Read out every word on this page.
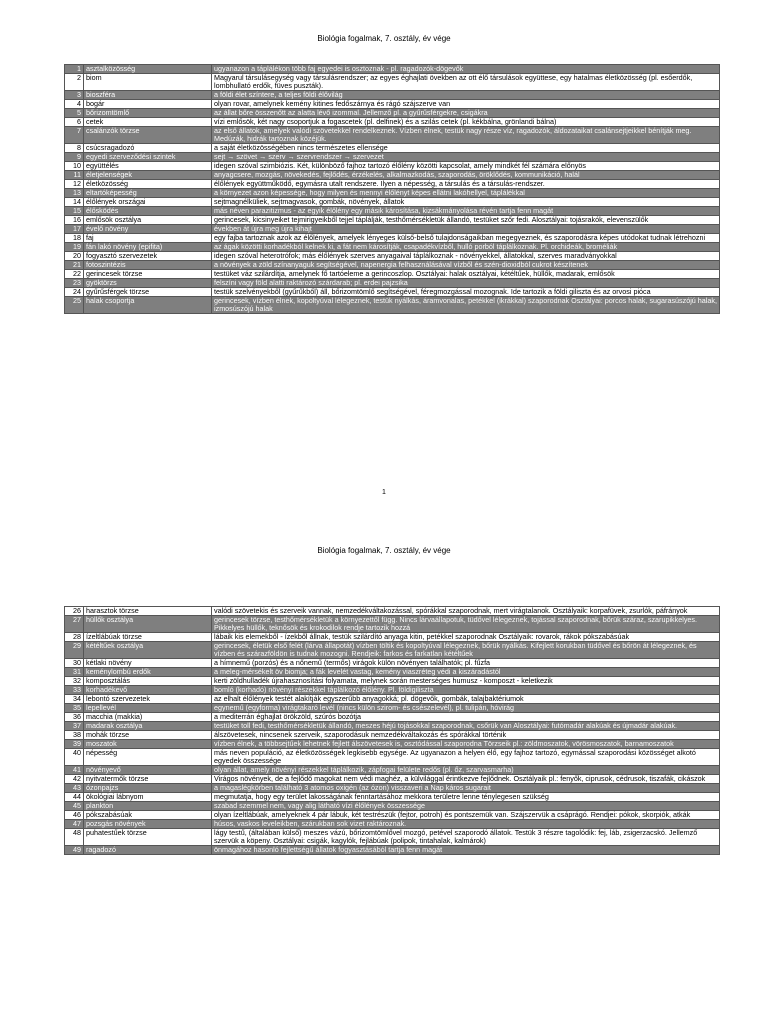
Biológia fogalmak, 7. osztály, év vége
1	asztalközösség	ugyanazon a táplálékon több faj egyedei is osztoznak - pl. ragadozók-dögevők
2	biom	Magyarul társulásegység vagy társulásrendszer; az egyes éghajlati övekben az ott élő társulások együttese, egy hatalmas életközösség (pl. esőerdők, lombhullató erdők, füves puszták).
3	bioszféra	a földi élet színtere, a teljes földi élővilág
4	bogár	olyan rovar, amelynek kemény kitines fedőszárnya és rágó szájszerve van
5	bőrizomtömlő	az állat bőre összenőtt az alatta lévő izommal. Jellemző pl. a gyűrűsférgekre, csigákra
6	cetek	vízi emlősök, két nagy csoportjuk a fogascetek (pl. delfinek) és a szilás cetek (pl. kékbálna, grönlandi bálna)
7	csalánzók törzse	az első állatok, amelyek valódi szövetekkel rendelkeznek. Vízben élnek, testük nagy része víz, ragadozók, áldozataikat csalánsejtjeikkel bénítják meg. Medúzák, hidrák tartoznak közéjük.
8	csúcsragadozó	a saját életközösségében nincs természetes ellensége
9	egyedi szerveződési szintek	sejt → szövet → szerv → szervrendszer → szervezet
10	együttélés	idegen szóval szimbiózis. Két, különböző fajhoz tartozó élőlény közötti kapcsolat, amely mindkét fél számára előnyös
11	életjelenségek	anyagcsere, mozgás, növekedés, fejlődés, érzékelés, alkalmazkodás, szaporodás, öröklődés, kommunikáció, halál
12	életközösség	élőlények együttműködő, egymásra utalt rendszere. Ilyen a népesség, a társulás és a társulás-rendszer.
13	eltartóképesség	a környezet azon képessége, hogy milyen és mennyi élőlényt képes ellátni lakóhellyel, táplálékkal
14	élőlények országai	sejtmagnélküliek, sejtmagvasok, gombák, növények, állatok
15	élősködés	más néven parazitizmus - az egyik élőlény egy másik károsítása, kizsákmányolása révén tartja fenn magát
16	emlősök osztálya	gerincesek, kicsinyeiket tejmirigyeikből tejjel táplálják, testhőmérsékletük állandó, testüket szőr fedi. Alosztályai: tojásrakók, elevenszülők
17	évelő növény	években át újra meg újra kihajt
18	faj	egy fajba tartoznak azok az élőlények, amelyek lényeges külső-belső tulajdonságaikban megegyeznek, és szaporodásra képes utódokat tudnak létrehozni
19	fán lakó növény (epifita)	az ágak közötti korhadékból kelnek ki, a fát nem károsítják, csapadékvízből, hulló porból táplálkoznak. Pl. orchideák, broméliák
20	fogyasztó szervezetek	idegen szóval heterotrófok; más élőlények szerves anyagaival táplálkoznak - növényekkel, állatokkal, szerves maradványokkal
21	fotoszintézis	a növények a zöld színanyaguk segítségével, napenergia felhasználásával vízből és szén-dioxidból cukrot készítenek
22	gerincesek törzse	testüket váz szilárdítja, amelynek fő tartóeleme a gerincoszlop. Osztályai: halak osztályai, kétéltűek, hüllők, madarak, emlősök
23	gyöktörzs	felszíni vagy föld alatti raktározó szárdarab; pl. erdei pajzsika
24	gyűrűsférgek törzse	testük szelvényekből (gyűrűkből) áll, bőrizomtömlő segítségével, féregmozgással mozognak. Ide tartozik a földi giliszta és az orvosi pióca
25	halak csoportja	gerincesek, vízben élnek, kopoltyúval lélegeznek, testük nyálkás, áramvonalas, petékkel (ikrákkal) szaporodnak Osztályai: porcos halak, sugarasúszójú halak, izmosúszójú halak
1
Biológia fogalmak, 7. osztály, év vége
26	harasztok törzse	valódi szövetekis és szerveik vannak, nemzedékváltakozással, spórákkal szaporodnak, mert virágtalanok. Osztályaik: korpafüvek, zsurlók, páfrányok
27	hüllők osztálya	gerincesek törzse, testhőmérsékletük a környezettől függ. Nincs lárvaállapotuk, tüdővel lélegeznek, tojással szaporodnak, bőrük száraz, szarupikkelyes. Pikkelyes hüllők, teknősök és krokodilok rendje tartozik hozzá
28	ízeltlábúak törzse	lábaik kis elemekből - ízekből állnak, testük szilárdító anyaga kitin, petékkel szaporodnak Osztályaik: rovarok, rákok pókszabásúak
29	kétéltűek osztálya	gerincesek, életük első felét (lárva állapotát) vízben töltik és kopoltyúval lélegeznek, bőrük nyálkás. Kifejlett korukban tüdővel és bőrön át lélegeznek, és vízben és szárazföldön is tudnak mozogni. Rendjeik: farkos és farkatlan kétéltűek
30	kétlaki növény	a hímnemű (porzós) és a nőnemű (termős) virágok külön növényen találhatók; pl. fűzfa
31	keménylombú erdők	a meleg-mérsékelt öv biomja; a fák levelét vastag, kemény viaszréteg védi a kiszáradástól
32	komposztálás	kerti zöldhulladék újrahasznosítási folyamata, melynek során mesterséges humusz - komposzt - keletkezik
33	korhadékevő	bomló (korhadó) növényi részekkel táplálkozó élőlény. Pl. földigiliszta
34	lebontó szervezetek	az elhalt élőlények testét alakítják egyszerűbb anyagokká; pl. dögevők, gombák, talajbaktériumok
35	lepellevél	egynemű (egyforma) virágtakaró levél (nincs külön szirom- és csészelevél), pl. tulipán, hóvirág
36	macchia (makkia)	a mediterrán éghajlat örökzöld, szúrós bozótja
37	madarak osztálya	testüket toll fedi, testhőmérsékletük állandó, meszes héjú tojásokkal szaporodnak, csőrük van Alosztályai: futómadár alakúak és újmadár alakúak.
38	mohák törzse	álszövetesek, nincsenek szerveik, szaporodásuk nemzedékváltakozás és spórákkal történik
39	moszatok	vízben élnek, a többsejtűek lehetnek fejlett álszövetesek is, osztódással szaporodna Törzseik pl.: zöldmoszatok, vörösmoszatok, barnamoszatok
40	népesség	más neven populáció, az életközösségek legkisebb egysége. Az ugyanazon a helyen élő, egy fajhoz tartozó, egymással szaporodási közösséget alkotó egyedek összessége
41	növényevő	olyan állat, amely növényi részekkel táplálkozik, zápfogai felülete redős (pl. őz, szarvasmarha)
42	nyitvatermők törzse	Virágos növények, de a fejlődő magokat nem védi maghéz, a külvilággal érintkezve fejlődnek. Osztályaik pl.: fenyők, ciprusok, cédrusok, tiszafák, cikászok
43	ózonpajzs	a magaslégkörben található 3 atomos oxigén (az ózon) visszaveri a Nap káros sugarait
44	ökológiai lábnyom	megmutatja, hogy egy terület lakosságának fenntartásához mekkora területre lenne ténylegesen szükség
45	plankton	szabad szemmel nem, vagy alig látható vízi élőlények összessége
46	pókszabásúak	olyan ízeltlábúak, amelyeknek 4 pár lábuk, két testrészük (fejtor, potroh) és pontszemük van. Szájszervük a csáprágó. Rendjei: pókok, skorpiók, atkák
47	pozsgás növények	húsos, vaskos leveleikben, szárukban sok vizet raktároznak.
48	puhatestűek törzse	lágy testű, (általában külső) meszes vázú, bőrizomtömlővel mozgó, petével szaporodó állatok. Testük 3 részre tagolódik: fej, láb, zsigerzacskó. Jellemző szervük a köpeny. Osztályai: csigák, kagylók, fejlábúak (polipok, tintahalak, kalmárok)
49	ragadozó	önmagához hasonló fejlettségű állatok fogyasztásából tartja fenn magát
